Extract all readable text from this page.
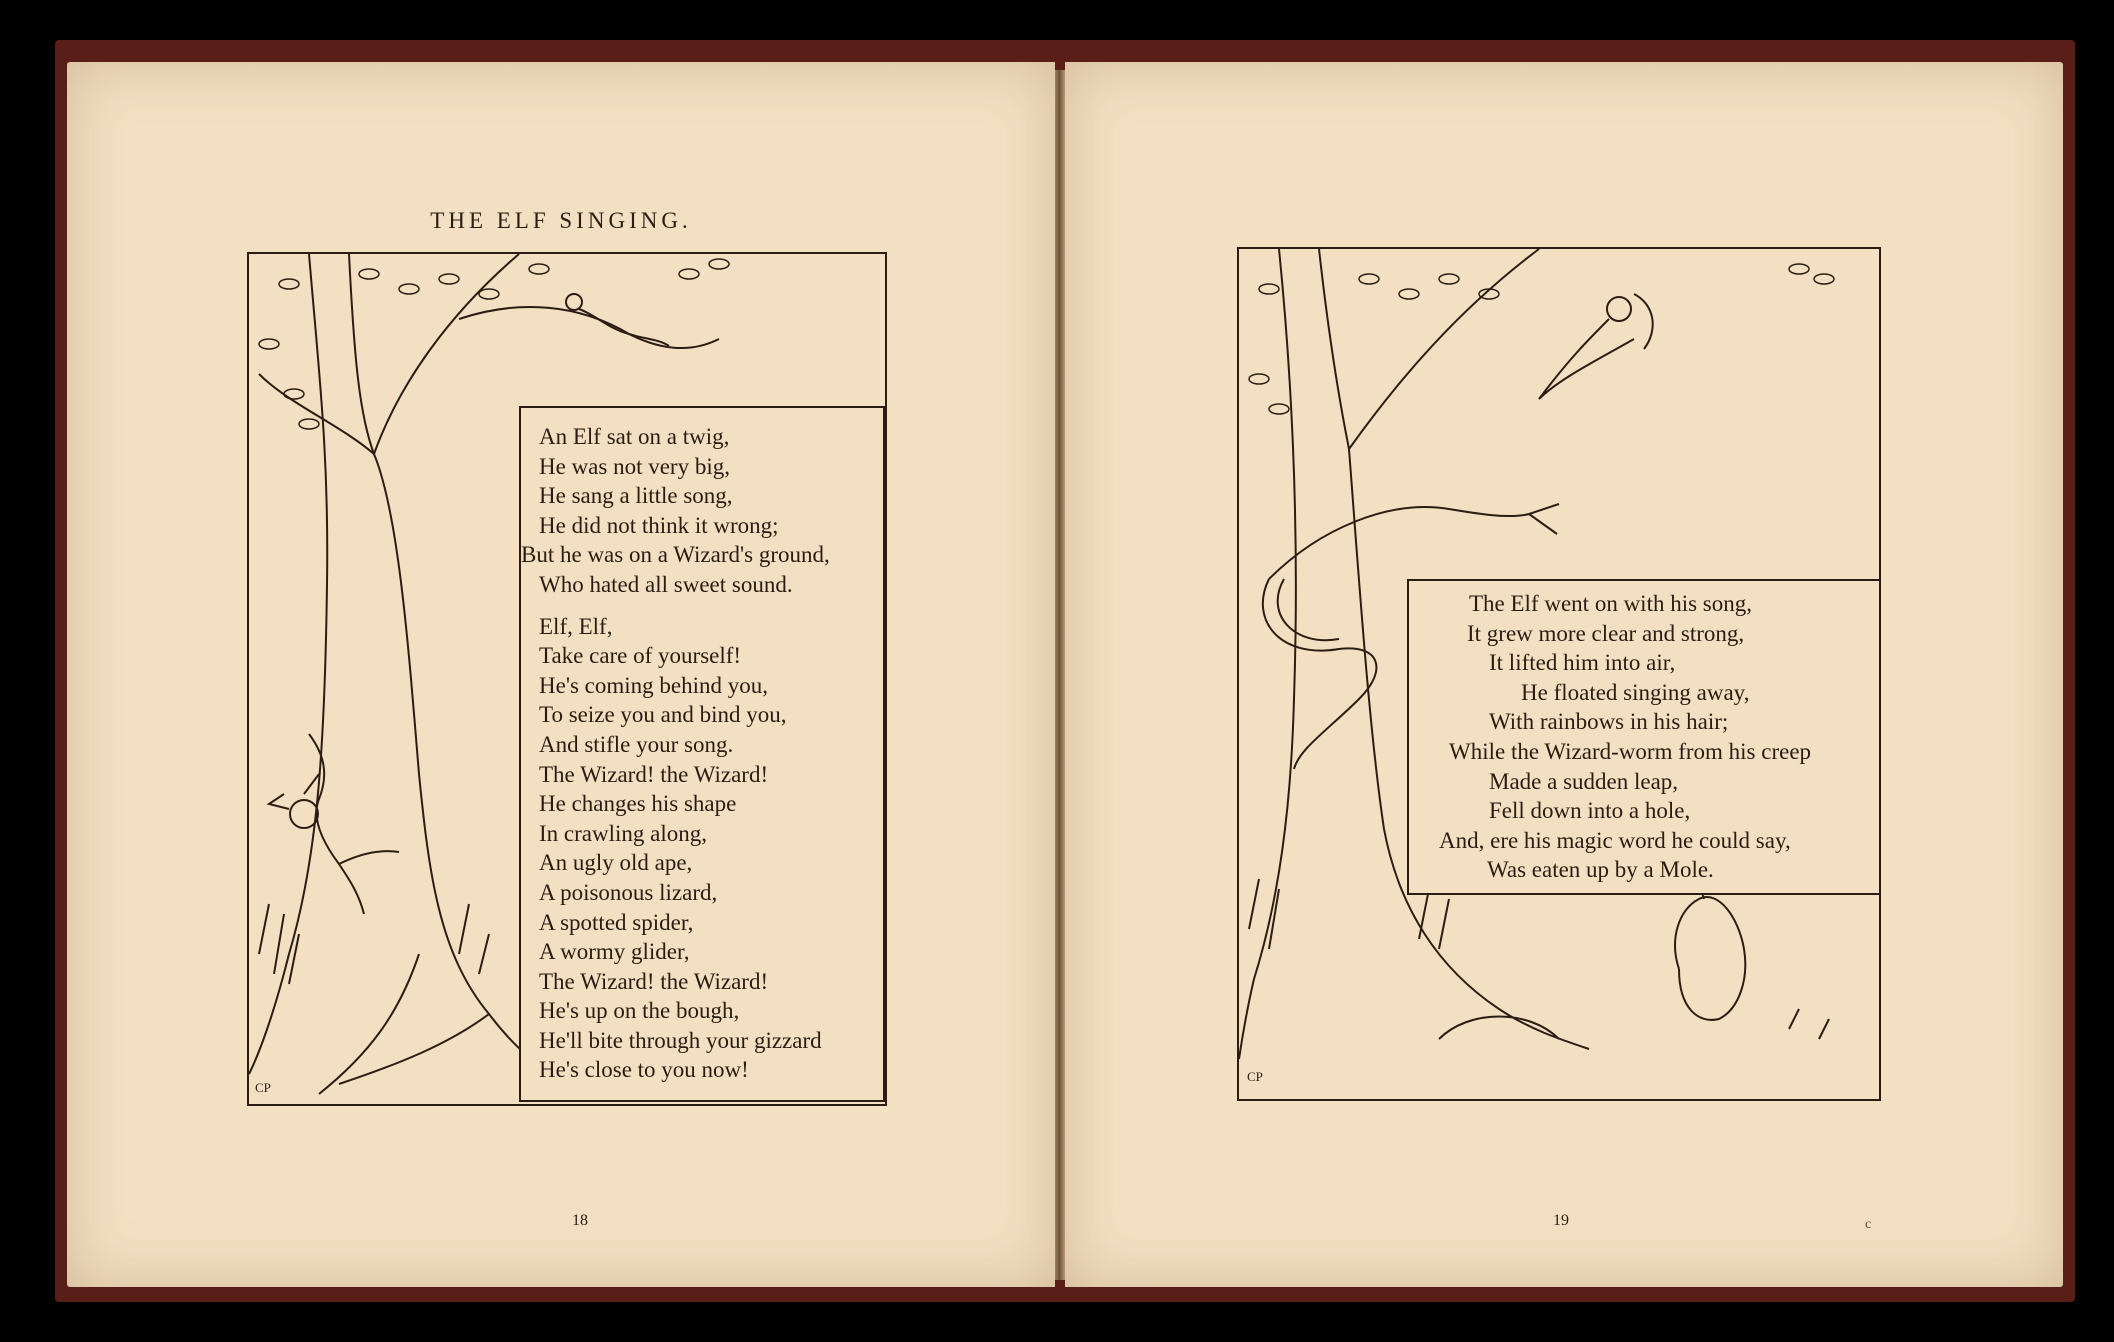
THE ELF SINGING.
An Elf sat on a twig,
He was not very big,
He sang a little song,
He did not think it wrong;
But he was on a Wizard's ground,
Who hated all sweet sound.
Elf, Elf,
Take care of yourself!
He's coming behind you,
To seize you and bind you,
And stifle your song.
The Wizard! the Wizard!
He changes his shape
In crawling along,
An ugly old ape,
A poisonous lizard,
A spotted spider,
A wormy glider,
The Wizard! the Wizard!
He's up on the bough,
He'll bite through your gizzard
He's close to you now!
CP
18
The Elf went on with his song,
It grew more clear and strong,
It lifted him into air,
He floated singing away,
With rainbows in his hair;
While the Wizard-worm from his creep
Made a sudden leap,
Fell down into a hole,
And, ere his magic word he could say,
Was eaten up by a Mole.
CP
19	c
